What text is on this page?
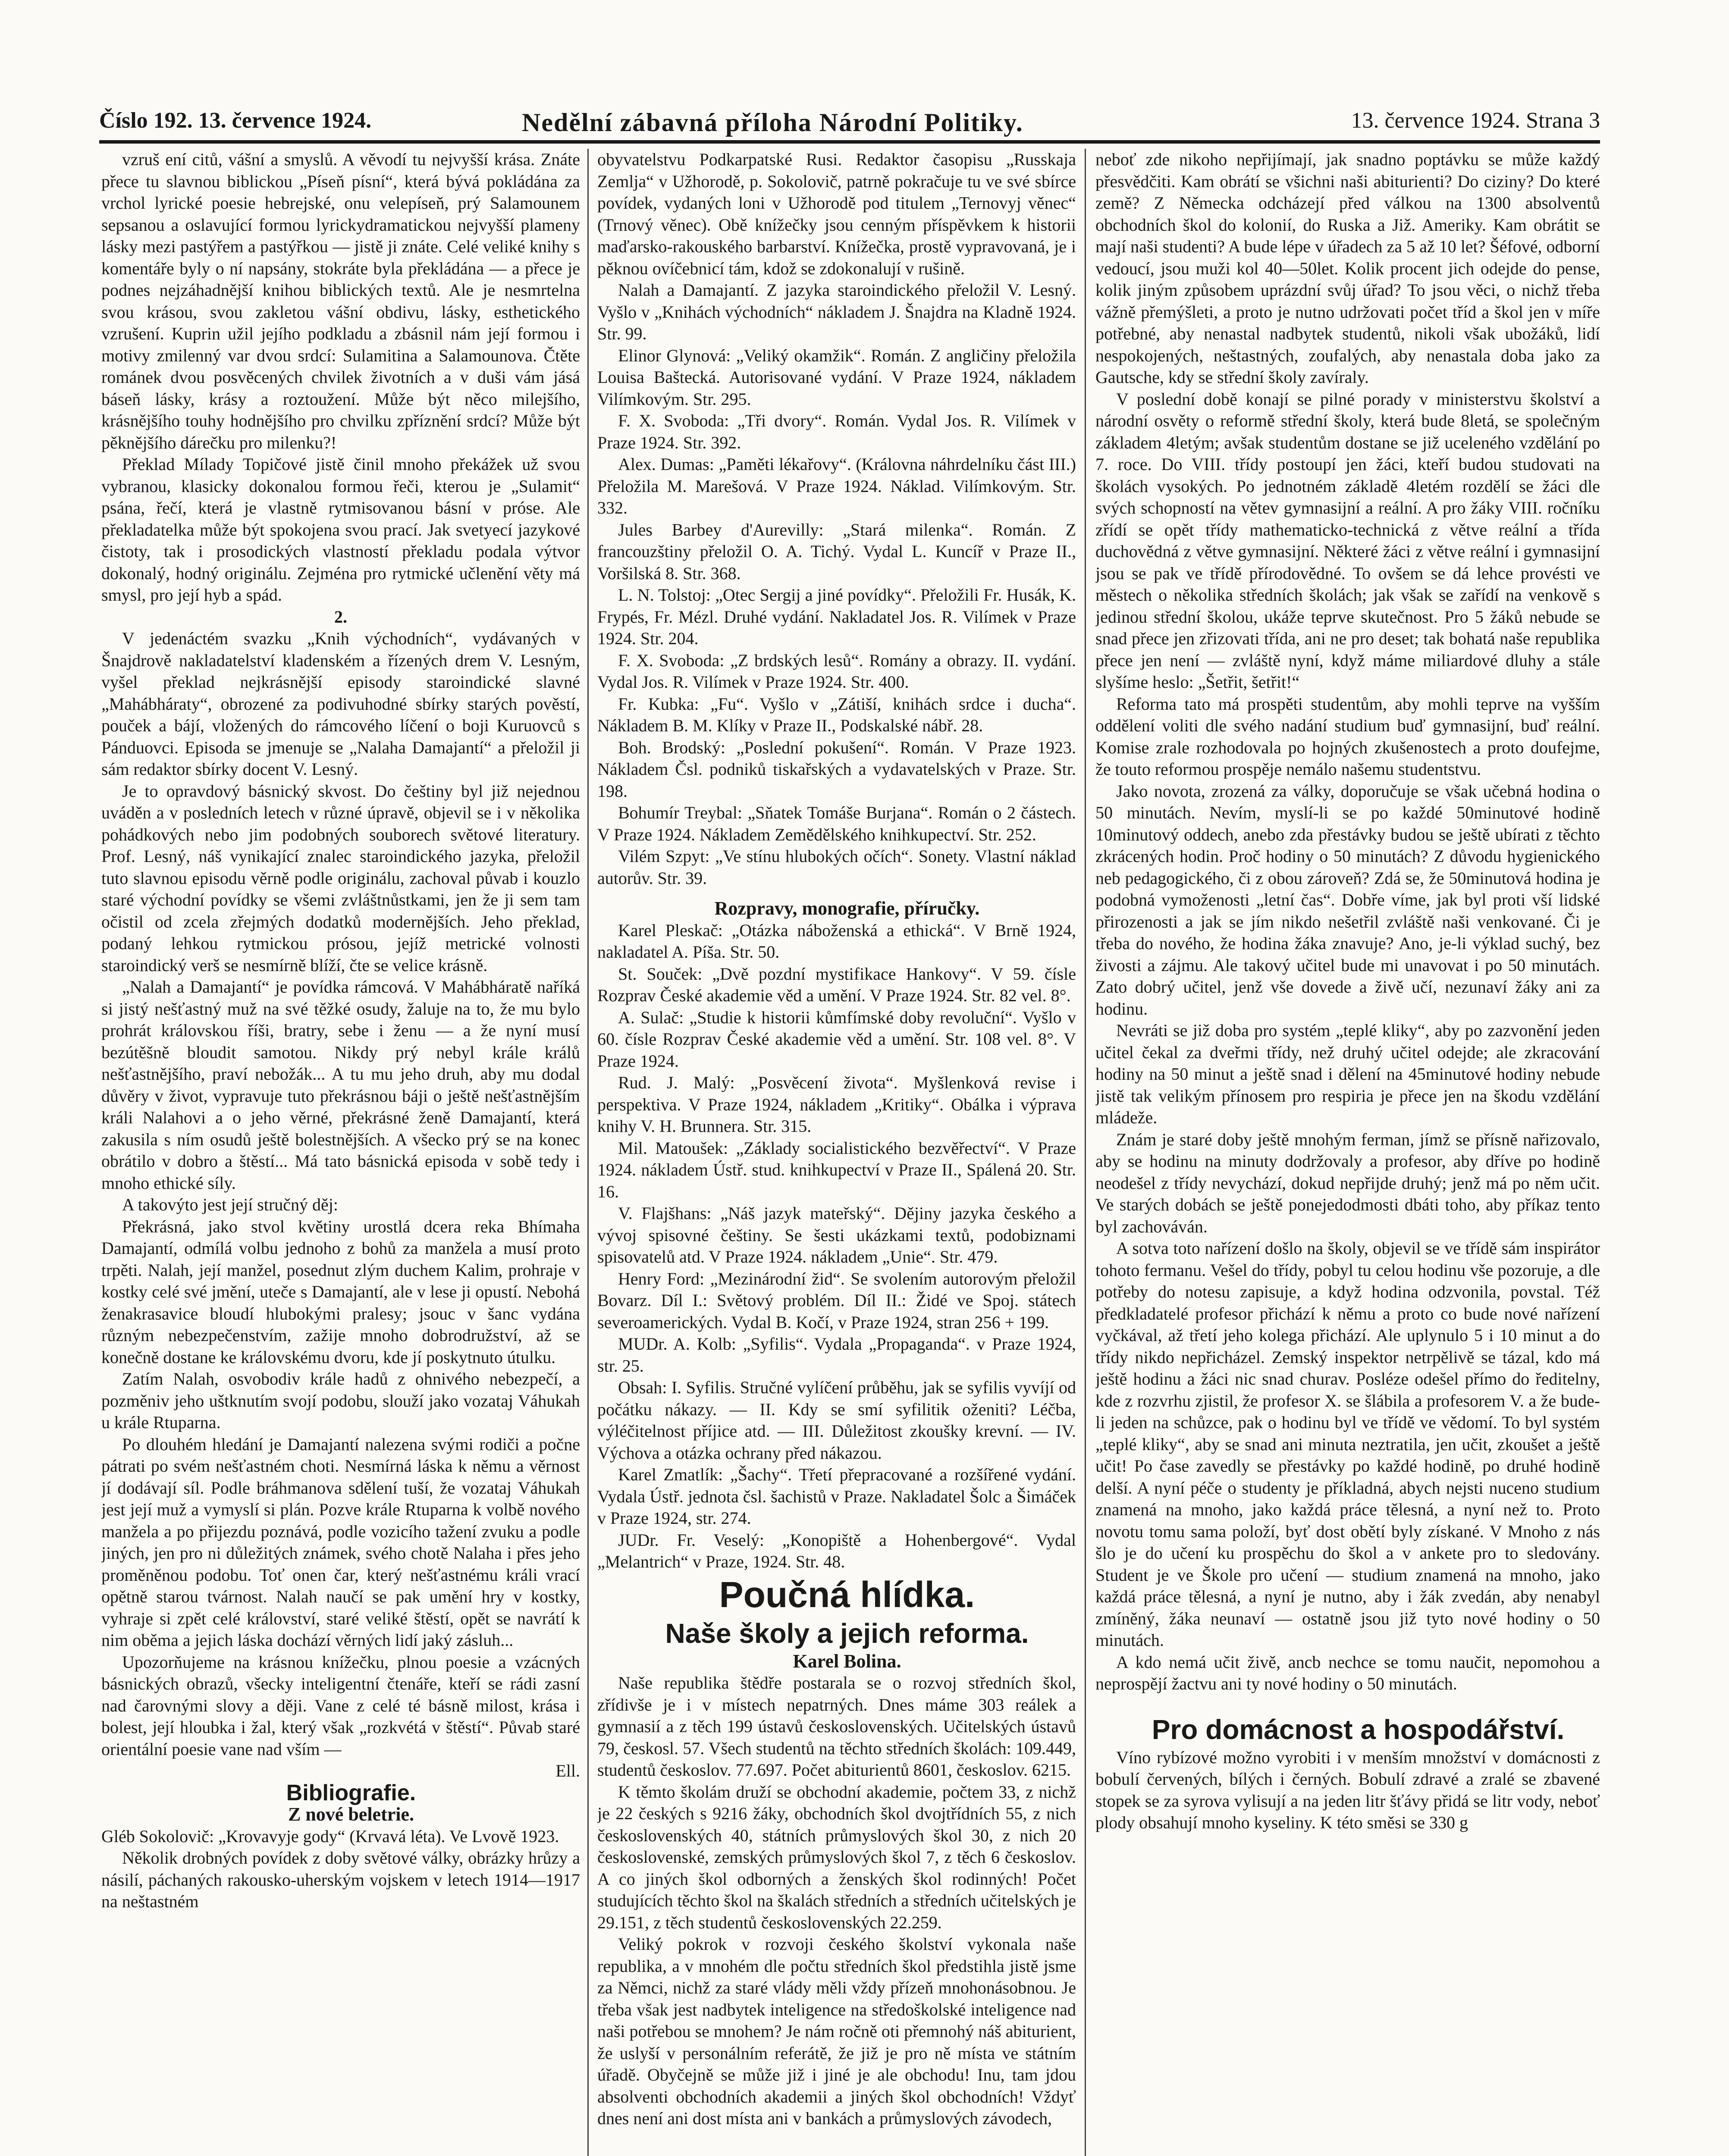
Číslo 192. 13. července 1924.	Nedělní zábavná příloha Národní Politiky.	13. července 1924. Strana 3

vzruš ení citů, vášní a smyslů. A věvodí tu nejvyšší krása. Znáte přece tu slavnou biblickou „Píseň písní“, která bývá pokládána za vrchol lyrické poesie hebrejské, onu velepíseň, prý Salamounem sepsanou a oslavující formou lyrickydramatickou nejvyšší plameny lásky mezi pastýřem a pastýřkou — jistě ji znáte. Celé veliké knihy s komentáře byly o ní napsány, stokráte byla překládána — a přece je podnes nejzáhadnější knihou biblických textů. Ale je nesmrtelna svou krásou, svou zakletou vášní obdivu, lásky, esthetického vzrušení. Kuprin užil jejího podkladu a zbásnil nám její formou i motivy zmilenný var dvou srdcí: Sulamitina a Salamounova. Čtěte románek dvou posvěcených chvilek životních a v duši vám jásá báseň lásky, krásy a roztoužení. Může být něco milejšího, krásnějšího touhy hodnějšího pro chvilku zpříznění srdcí? Může být pěknějšího dárečku pro milenku?!

Překlad Mílady Topičové jistě činil mnoho překážek už svou vybranou, klasicky dokonalou formou řeči, kterou je „Sulamit“ psána, řečí, která je vlastně rytmisovanou básní v próse. Ale překladatelka může být spokojena svou prací. Jak svetyecí jazykové čistoty, tak i prosodických vlastností překladu podala výtvor dokonalý, hodný originálu. Zejména pro rytmické učlenění věty má smysl, pro její hyb a spád.

2.

V jedenáctém svazku „Knih východních“, vydávaných v Šnajdrově nakladatelství kladenském a řízených drem V. Lesným, vyšel překlad nejkrásnější episody staroindické slavné „Mahábháraty“, obrozené za podivuhodné sbírky starých pověstí, pouček a bájí, vložených do rámcového líčení o boji Kuruovců s Pánduovci. Episoda se jmenuje se „Nalaha Damajantí“ a přeložil ji sám redaktor sbírky docent V. Lesný.

Je to opravdový básnický skvost. Do češtiny byl již nejednou uváděn a v posledních letech v různé úpravě, objevil se i v několika pohádkových nebo jim podobných souborech světové literatury. Prof. Lesný, náš vynikající znalec staroindického jazyka, přeložil tuto slavnou episodu věrně podle originálu, zachoval půvab i kouzlo staré východní povídky se všemi zvláštnůstkami, jen že ji sem tam očistil od zcela zřejmých dodatků modernějších. Jeho překlad, podaný lehkou rytmickou prósou, jejíž metrické volnosti staroindický verš se nesmírně blíží, čte se velice krásně.

„Nalah a Damajantí“ je povídka rámcová. V Mahábháratě naříká si jistý nešťastný muž na své těžké osudy, žaluje na to, že mu bylo prohrát královskou říši, bratry, sebe i ženu — a že nyní musí bezútěšně bloudit samotou. Nikdy prý nebyl krále králů nešťastnějšího, praví nebožák... A tu mu jeho druh, aby mu dodal důvěry v život, vypravuje tuto překrásnou báji o ještě nešťastnějším králi Nalahovi a o jeho věrné, překrásné ženě Damajantí, která zakusila s ním osudů ještě bolestnějších. A všecko prý se na konec obrátilo v dobro a štěstí... Má tato básnická episoda v sobě tedy i mnoho ethické síly.

A takovýto jest její stručný děj:

Překrásná, jako stvol květiny urostlá dcera reka Bhímaha Damajantí, odmílá volbu jednoho z bohů za manžela a musí proto trpěti. Nalah, její manžel, posednut zlým duchem Kalim, prohraje v kostky celé své jmění, uteče s Damajantí, ale v lese ji opustí. Nebohá ženakrasavice bloudí hlubokými pralesy; jsouc v šanc vydána různým nebezpečenstvím, zažije mnoho dobrodružství, až se konečně dostane ke královskému dvoru, kde jí poskytnuto útulku.

Zatím Nalah, osvobodiv krále hadů z ohnivého nebezpečí, a pozměniv jeho uštknutím svojí podobu, slouží jako vozataj Váhukah u krále Rtuparna.

Po dlouhém hledání je Damajantí nalezena svými rodiči a počne pátrati po svém nešťastném choti. Nesmírná láska k němu a věrnost jí dodávají síl. Podle bráhmanova sdělení tuší, že vozataj Váhukah jest její muž a vymyslí si plán. Pozve krále Rtuparna k volbě nového manžela a po přijezdu poznává, podle vozicího tažení zvuku a podle jiných, jen pro ni důležitých známek, svého chotě Nalaha i přes jeho proměněnou podobu. Toť onen čar, který nešťastnému králi vrací opětně starou tvárnost. Nalah naučí se pak umění hry v kostky, vyhraje si zpět celé království, staré veliké štěstí, opět se navrátí k nim oběma a jejich láska dochází věrných lidí jaký zásluh...

Upozorňujeme na krásnou knížečku, plnou poesie a vzácných básnických obrazů, všecky inteligentní čtenáře, kteří se rádi zasní nad čarovnými slovy a ději. Vane z celé té básně milost, krása i bolest, její hloubka i žal, který však „rozkvétá v štěstí“. Půvab staré orientální poesie vane nad vším —

Ell.

Bibliografie.

Z nové beletrie.

Gléb Sokolovič: „Krovavyje gody“ (Krvavá léta). Ve Lvově 1923.

Několik drobných povídek z doby světové války, obrázky hrůzy a násilí, páchaných rakousko-uherským vojskem v letech 1914—1917 na neštastném

obyvatelstvu Podkarpatské Rusi. Redaktor časopisu „Russkaja Zemlja“ v Užhorodě, p. Sokolovič, patrně pokračuje tu ve své sbírce povídek, vydaných loni v Užhorodě pod titulem „Ternovyj věnec“ (Trnový věnec). Obě knížečky jsou cenným příspěvkem k historii maďarsko-rakouského barbarství. Knížečka, prostě vypravovaná, je i pěknou ovíčebnicí tám, kdož se zdokonalují v rušině.

Nalah a Damajantí. Z jazyka staroindického přeložil V. Lesný. Vyšlo v „Knihách východních“ nákladem J. Šnajdra na Kladně 1924. Str. 99.

Elinor Glynová: „Veliký okamžik“. Román. Z angličiny přeložila Louisa Baštecká. Autorisované vydání. V Praze 1924, nákladem Vilímkovým. Str. 295.

F. X. Svoboda: „Tři dvory“. Román. Vydal Jos. R. Vilímek v Praze 1924. Str. 392.

Alex. Dumas: „Paměti lékařovy“. (Královna náhrdelníku část III.) Přeložila M. Marešová. V Praze 1924. Náklad. Vilímkovým. Str. 332.

Jules Barbey d'Aurevilly: „Stará milenka“. Román. Z francouzštiny přeložil O. A. Tichý. Vydal L. Kuncíř v Praze II., Voršilská 8. Str. 368.

L. N. Tolstoj: „Otec Sergij a jiné povídky“. Přeložili Fr. Husák, K. Frypés, Fr. Mézl. Druhé vydání. Nakladatel Jos. R. Vilímek v Praze 1924. Str. 204.

F. X. Svoboda: „Z brdských lesů“. Romány a obrazy. II. vydání. Vydal Jos. R. Vilímek v Praze 1924. Str. 400.

Fr. Kubka: „Fu“. Vyšlo v „Zátiší, knihách srdce i ducha“. Nákladem B. M. Klíky v Praze II., Podskalské nábř. 28.

Boh. Brodský: „Poslední pokušení“. Román. V Praze 1923. Nákladem Čsl. podniků tiskařských a vydavatelských v Praze. Str. 198.

Bohumír Treybal: „Sňatek Tomáše Burjana“. Román o 2 částech. V Praze 1924. Nákladem Zemědělského knihkupectví. Str. 252.

Vilém Szpyt: „Ve stínu hlubokých očích“. Sonety. Vlastní náklad autorův. Str. 39.

Rozpravy, monografie, příručky.

Karel Pleskač: „Otázka náboženská a ethická“. V Brně 1924, nakladatel A. Píša. Str. 50.

St. Souček: „Dvě pozdní mystifikace Hankovy“. V 59. čísle Rozprav České akademie věd a umění. V Praze 1924. Str. 82 vel. 8°.

A. Sulač: „Studie k historii kůmfímské doby revoluční“. Vyšlo v 60. čísle Rozprav České akademie věd a umění. Str. 108 vel. 8°. V Praze 1924.

Rud. J. Malý: „Posvěcení života“. Myšlenková revise i perspektiva. V Praze 1924, nákladem „Kritiky“. Obálka i výprava knihy V. H. Brunnera. Str. 315.

Mil. Matoušek: „Základy socialistického bezvěřectví“. V Praze 1924. nákladem Ústř. stud. knihkupectví v Praze II., Spálená 20. Str. 16.

V. Flajšhans: „Náš jazyk mateřský“. Dějiny jazyka českého a vývoj spisovné češtiny. Se šesti ukázkami textů, podobiznami spisovatelů atd. V Praze 1924. nákladem „Unie“. Str. 479.

Henry Ford: „Mezinárodní žid“. Se svolením autorovým přeložil Bovarz. Díl I.: Světový problém. Díl II.: Židé ve Spoj. státech severoamerických. Vydal B. Kočí, v Praze 1924, stran 256 + 199.

MUDr. A. Kolb: „Syfilis“. Vydala „Propaganda“. v Praze 1924, str. 25.

Obsah: I. Syfilis. Stručné vylíčení průběhu, jak se syfilis vyvíjí od počátku nákazy. — II. Kdy se smí syfilitik oženiti? Léčba, výléčitelnost příjice atd. — III. Důležitost zkoušky krevní. — IV. Výchova a otázka ochrany před nákazou.

Karel Zmatlík: „Šachy“. Třetí přepracované a rozšířené vydání. Vydala Ústř. jednota čsl. šachistů v Praze. Nakladatel Šolc a Šimáček v Praze 1924, str. 274.

JUDr. Fr. Veselý: „Konopiště a Hohenbergové“. Vydal „Melantrich“ v Praze, 1924. Str. 48.

Poučná hlídka.

Naše školy a jejich reforma.

Karel Bolina.

Naše republika štědře postarala se o rozvoj středních škol, zřídivše je i v místech nepatrných. Dnes máme 303 reálek a gymnasií a z těch 199 ústavů československých. Učitelských ústavů 79, českosl. 57. Všech studentů na těchto středních školách: 109.449, studentů českoslov. 77.697. Počet abiturientů 8601, českoslov. 6215.

K těmto školám druží se obchodní akademie, počtem 33, z nichž je 22 českých s 9216 žáky, obchodních škol dvojtřídních 55, z nich československých 40, státních průmyslových škol 30, z nich 20 československé, zemských průmyslových škol 7, z těch 6 českoslov. A co jiných škol odborných a ženských škol rodinných! Počet studujících těchto škol na škalách středních a středních učitelských je 29.151, z těch studentů československých 22.259.

Veliký pokrok v rozvoji českého školství vykonala naše republika, a v mnohém dle počtu středních škol předstihla jistě jsme za Němci, nichž za staré vlády měli vždy přízeň mnohonásobnou. Je třeba však jest nadbytek inteligence na středoškolské inteligence nad naši potřebou se mnohem? Je nám ročně oti přemnohý náš abiturient, že uslyší v personálním referátě, že již je pro ně místa ve státním úřadě. Obyčejně se může již i jiné je ale obchodu! Inu, tam jdou absolventi obchodních akademii a jiných škol obchodních! Vždyť dnes není ani dost místa ani v bankách a průmyslových závodech,

neboť zde nikoho nepřijímají, jak snadno poptávku se může každý přesvědčiti. Kam obrátí se všichni naši abiturienti? Do ciziny? Do které země? Z Německa odcházejí před válkou na 1300 absolventů obchodních škol do kolonií, do Ruska a Již. Ameriky. Kam obrátit se mají naši studenti? A bude lépe v úřadech za 5 až 10 let? Šéfové, odborní vedoucí, jsou muži kol 40—50let. Kolik procent jich odejde do pense, kolik jiným způsobem uprázdní svůj úřad? To jsou věci, o nichž třeba vážně přemýšleti, a proto je nutno udržovati počet tříd a škol jen v míře potřebné, aby nenastal nadbytek studentů, nikoli však ubožáků, lidí nespokojených, neštastných, zoufalých, aby nenastala doba jako za Gautsche, kdy se střední školy zavíraly.

V poslední době konají se pilné porady v ministerstvu školství a národní osvěty o reformě střední školy, která bude 8letá, se společným základem 4letým; avšak studentům dostane se již uceleného vzdělání po 7. roce. Do VIII. třídy postoupí jen žáci, kteří budou studovati na školách vysokých. Po jednotném základě 4letém rozdělí se žáci dle svých schopností na větev gymnasijní a reální. A pro žáky VIII. ročníku zřídí se opět třídy mathematicko-technická z větve reální a třída duchovědná z větve gymnasijní. Některé žáci z větve reální i gymnasijní jsou se pak ve třídě přírodovědné. To ovšem se dá lehce provésti ve městech o několika středních školách; jak však se zařídí na venkově s jedinou střední školou, ukáže teprve skutečnost. Pro 5 žáků nebude se snad přece jen zřizovati třída, ani ne pro deset; tak bohatá naše republika přece jen není — zvláště nyní, když máme miliardové dluhy a stále slyšíme heslo: „Šetřit, šetřit!“

Reforma tato má prospěti studentům, aby mohli teprve na vyšším oddělení voliti dle svého nadání studium buď gymnasijní, buď reální. Komise zrale rozhodovala po hojných zkušenostech a proto doufejme, že touto reformou prospěje nemálo našemu studentstvu.

Jako novota, zrozená za války, doporučuje se však učebná hodina o 50 minutách. Nevím, myslí-li se po každé 50minutové hodině 10minutový oddech, anebo zda přestávky budou se ještě ubírati z těchto zkrácených hodin. Proč hodiny o 50 minutách? Z důvodu hygienického neb pedagogického, či z obou zároveň? Zdá se, že 50minutová hodina je podobná vymoženosti „letní čas“. Dobře víme, jak byl proti vší lidské přirozenosti a jak se jím nikdo nešetřil zvláště naši venkované. Či je třeba do nového, že hodina žáka znavuje? Ano, je-li výklad suchý, bez živosti a zájmu. Ale takový učitel bude mi unavovat i po 50 minutách. Zato dobrý učitel, jenž vše dovede a živě učí, nezunaví žáky ani za hodinu.

Nevráti se již doba pro systém „teplé kliky“, aby po zazvonění jeden učitel čekal za dveřmi třídy, než druhý učitel odejde; ale zkracování hodiny na 50 minut a ještě snad i dělení na 45minutové hodiny nebude jistě tak velikým přínosem pro respiria je přece jen na škodu vzdělání mládeže.

Znám je staré doby ještě mnohým ferman, jímž se přísně nařizovalo, aby se hodinu na minuty dodržovaly a profesor, aby dříve po hodině neodešel z třídy nevychází, dokud nepřijde druhý; jenž má po něm učit. Ve starých dobách se ještě ponejedodmosti dbáti toho, aby příkaz tento byl zachováván.

A sotva toto nařízení došlo na školy, objevil se ve třídě sám inspirátor tohoto fermanu. Vešel do třídy, pobyl tu celou hodinu vše pozoruje, a dle potřeby do notesu zapisuje, a když hodina odzvonila, povstal. Též předkladatelé profesor přichází k němu a proto co bude nové nařízení vyčkával, až třetí jeho kolega přichází. Ale uplynulo 5 i 10 minut a do třídy nikdo nepřicházel. Zemský inspektor netrpělivě se tázal, kdo má ještě hodinu a žáci nic snad churav. Posléze odešel přímo do ředitelny, kde z rozvrhu zjistil, že profesor X. se šlábila a profesorem V. a že bude-li jeden na schůzce, pak o hodinu byl ve třídě ve vědomí. To byl systém „teplé kliky“, aby se snad ani minuta neztratila, jen učit, zkoušet a ještě učit! Po čase zavedly se přestávky po každé hodině, po druhé hodině delší. A nyní péče o studenty je příkladná, abych nejsti nuceno studium znamená na mnoho, jako každá práce tělesná, a nyní než to. Proto novotu tomu sama položí, byť dost obětí byly získané. V Mnoho z nás šlo je do učení ku prospěchu do škol a v ankete pro to sledovány. Student je ve Škole pro učení — studium znamená na mnoho, jako každá práce tělesná, a nyní je nutno, aby i žák zvedán, aby nenabyl zmíněný, žáka neunaví — ostatně jsou již tyto nové hodiny o 50 minutách.

A kdo nemá učit živě, ancb nechce se tomu naučit, nepomohou a neprospějí žactvu ani ty nové hodiny o 50 minutách.

Pro domácnost a hospodářství.

Víno rybízové možno vyrobiti i v menším množství v domácnosti z bobulí červených, bílých i černých. Bobulí zdravé a zralé se zbavené stopek se za syrova vylisují a na jeden litr šťávy přidá se litr vody, neboť plody obsahují mnoho kyseliny. K této směsi se 330 g
